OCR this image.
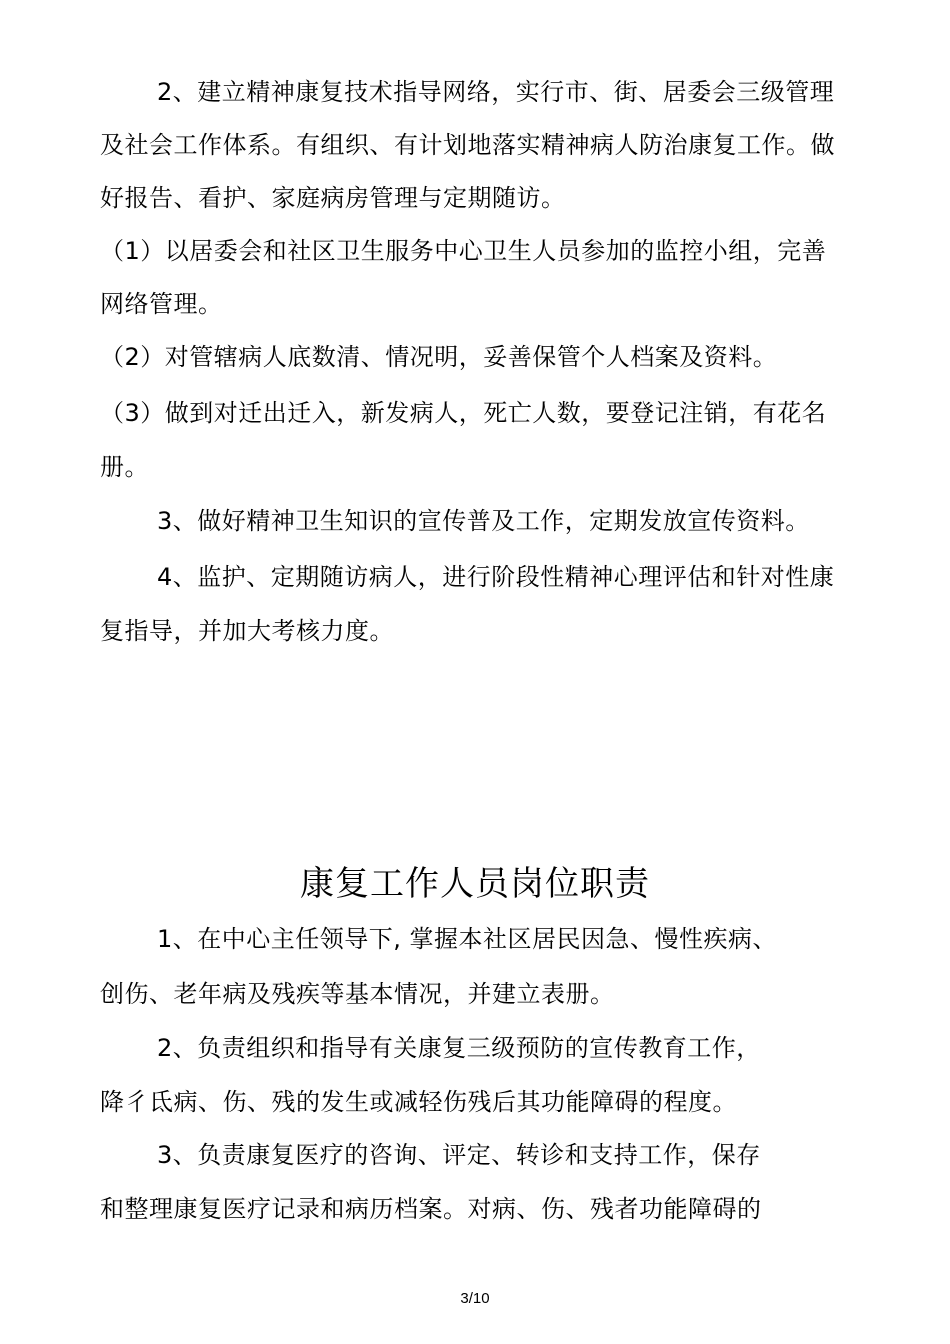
2、建立精神康复技术指导网络，实行市、街、居委会三级管理
及社会工作体系。有组织、有计划地落实精神病人防治康复工作。做
好报告、看护、家庭病房管理与定期随访。
（1）以居委会和社区卫生服务中心卫生人员参加的监控小组，完善
网络管理。
（2）对管辖病人底数清、情况明，妥善保管个人档案及资料。
（3）做到对迁出迁入，新发病人，死亡人数，要登记注销，有花名
册。
3、做好精神卫生知识的宣传普及工作，定期发放宣传资料。
4、监护、定期随访病人，进行阶段性精神心理评估和针对性康
复指导，并加大考核力度。
康复工作人员岗位职责
1、在中心主任领导下, 掌握本社区居民因急、慢性疾病、
创伤、老年病及残疾等基本情况，并建立表册。
2、负责组织和指导有关康复三级预防的宣传教育工作，
降彳氐病、伤、残的发生或减轻伤残后其功能障碍的程度。
3、负责康复医疗的咨询、评定、转诊和支持工作，保存
和整理康复医疗记录和病历档案。对病、伤、残者功能障碍的
3/10
